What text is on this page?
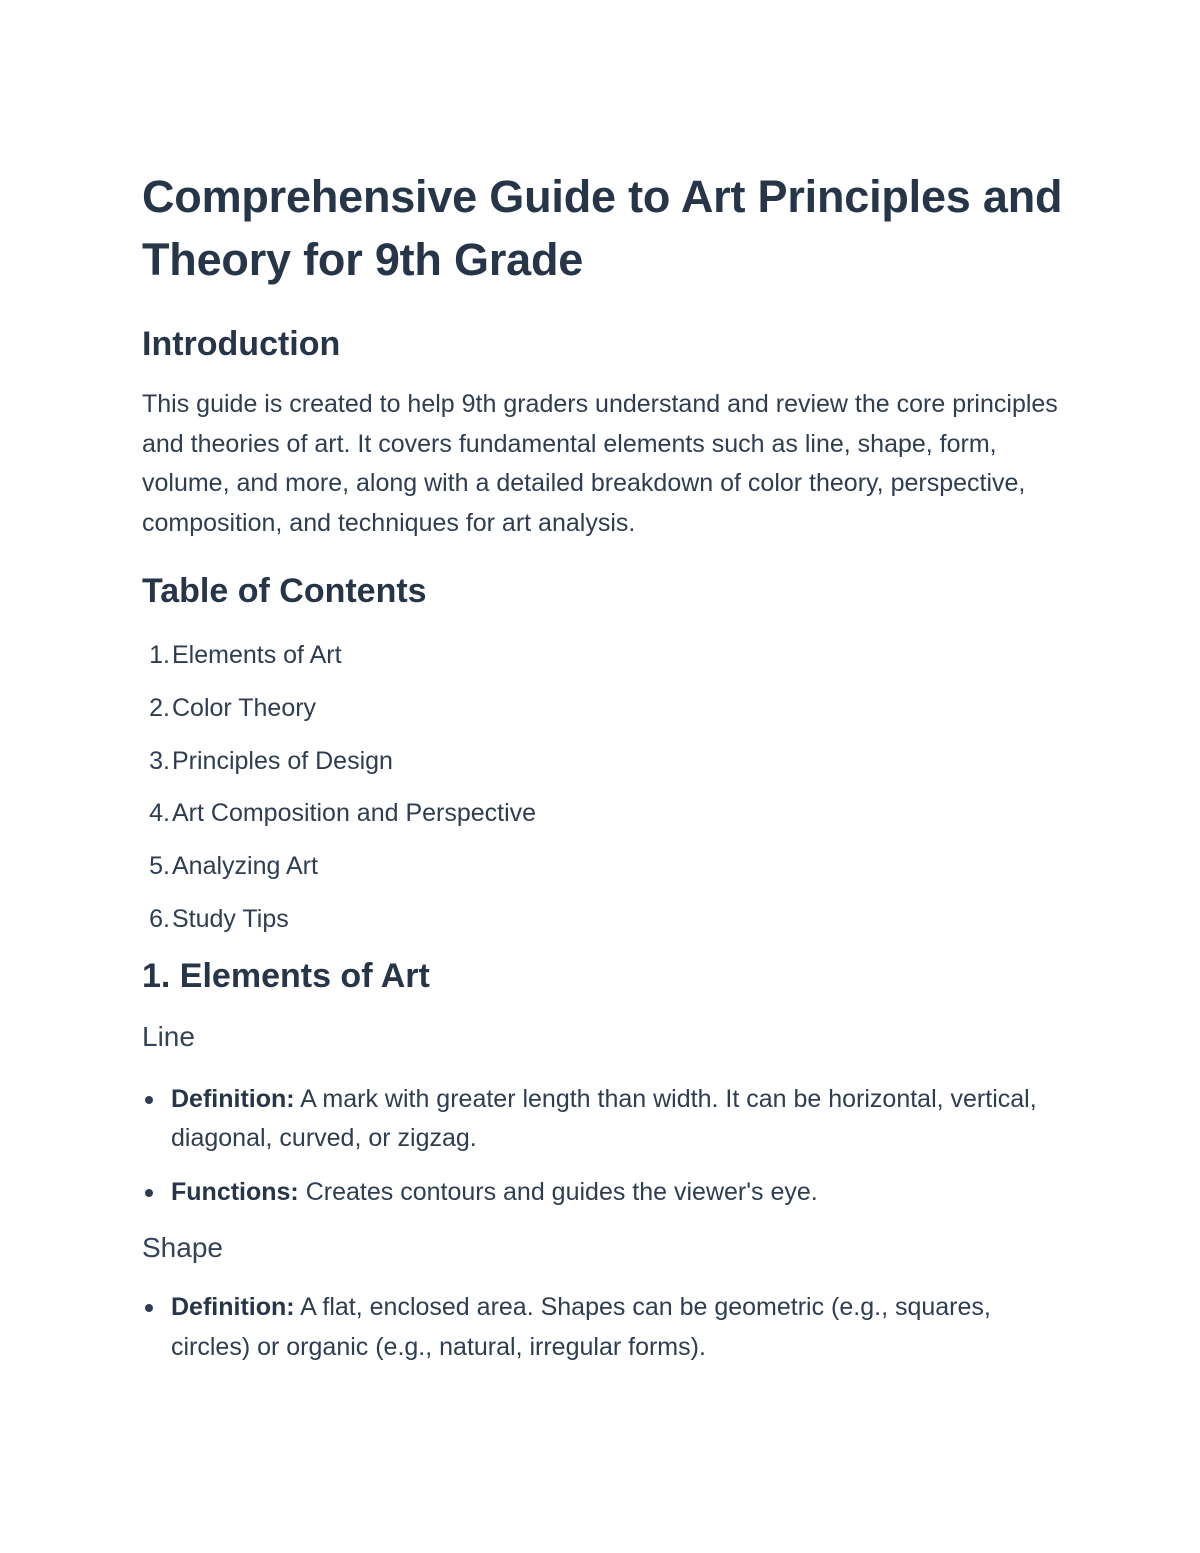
Comprehensive Guide to Art Principles and Theory for 9th Grade
Introduction

This guide is created to help 9th graders understand and review the core principles and theories of art. It covers fundamental elements such as line, shape, form, volume, and more, along with a detailed breakdown of color theory, perspective, composition, and techniques for art analysis.

Table of Contents
1. Elements of Art
2. Color Theory
3. Principles of Design
4. Art Composition and Perspective
5. Analyzing Art
6. Study Tips
1. Elements of Art
Line
Definition: A mark with greater length than width. It can be horizontal, vertical, diagonal, curved, or zigzag.
Functions: Creates contours and guides the viewer's eye.
Shape
Definition: A flat, enclosed area. Shapes can be geometric (e.g., squares, circles) or organic (e.g., natural, irregular forms).
